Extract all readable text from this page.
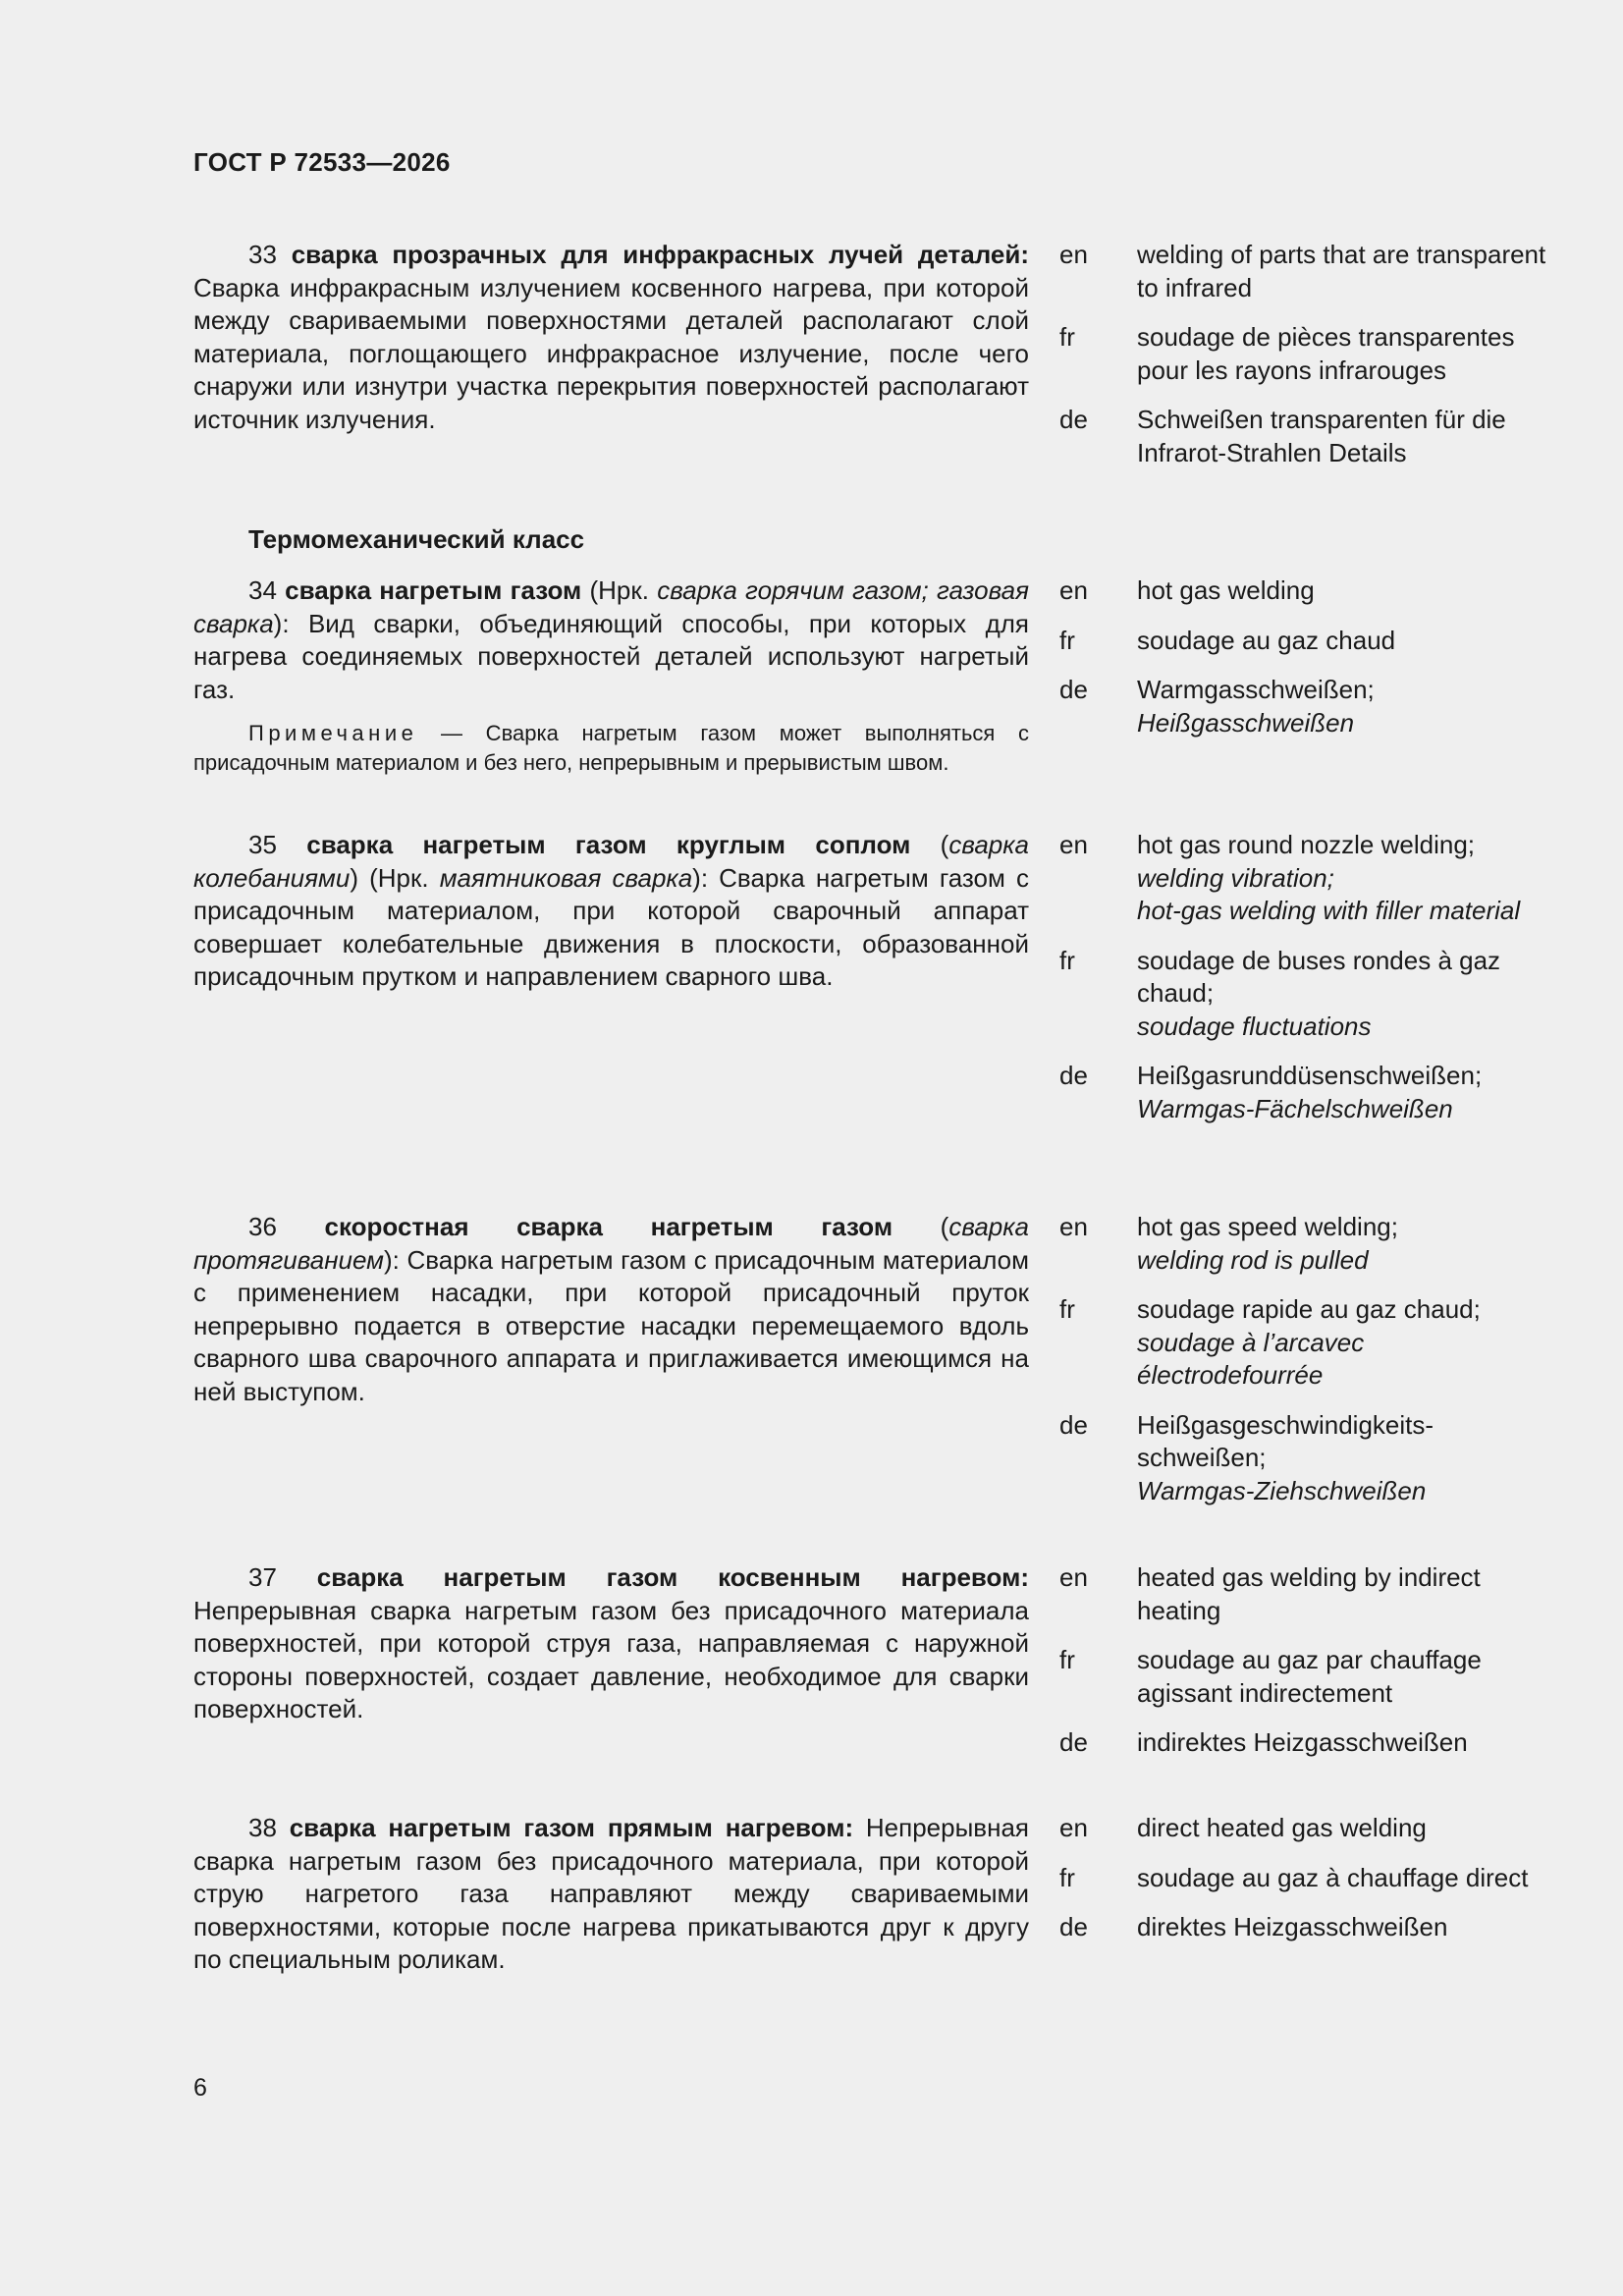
ГОСТ Р 72533—2026

33 сварка прозрачных для инфракрасных лучей деталей: Сварка инфракрасным излучением косвенного нагрева, при которой между свариваемыми поверхностями деталей располагают слой материала, поглощающего инфракрасное излучение, после чего снаружи или изнутри участка перекрытия поверхностей располагают источник излучения.

en	welding of parts that are transparent to infrared
fr	soudage de pièces transparentes pour les rayons infrarouges
de	Schweißen transparenten für die Infrarot-Strahlen Details
Термомеханический класс

34 сварка нагретым газом (Нрк. сварка горячим газом; газовая сварка): Вид сварки, объединяющий способы, при которых для нагрева соединяемых поверхностей деталей используют нагретый газ.

Примечание — Сварка нагретым газом может выполняться с присадочным материалом и без него, непрерывным и прерывистым швом.
en	hot gas welding
fr	soudage au gaz chaud
de	Warmgasschweißen;
Heißgasschweißen

35 сварка нагретым газом круглым соплом (сварка колебаниями) (Нрк. маятниковая сварка): Сварка нагретым газом с присадочным материалом, при которой сварочный аппарат совершает колебательные движения в плоскости, образованной присадочным прутком и направлением сварного шва.

en	hot gas round nozzle welding;
welding vibration;
hot-gas welding with filler material
fr	soudage de buses rondes à gaz chaud;
soudage fluctuations
de	Heißgasrunddüsenschweißen;
Warmgas-Fächelschweißen

36 скоростная сварка нагретым газом (сварка протягиванием): Сварка нагретым газом с присадочным материалом с применением насадки, при которой присадочный пруток непрерывно подается в отверстие насадки перемещаемого вдоль сварного шва сварочного аппарата и приглаживается имеющимся на ней выступом.

en	hot gas speed welding;
welding rod is pulled
fr	soudage rapide au gaz chaud;
soudage à l’arcavec électrodefourrée
de	Heißgasgeschwindigkeits-schweißen;
Warmgas-Ziehschweißen

37 сварка нагретым газом косвенным нагревом: Непрерывная сварка нагретым газом без присадочного материала поверхностей, при которой струя газа, направляемая с наружной стороны поверхностей, создает давление, необходимое для сварки поверхностей.

en	heated gas welding by indirect heating
fr	soudage au gaz par chauffage agissant indirectement
de	indirektes Heizgasschweißen

38 сварка нагретым газом прямым нагревом: Непрерывная сварка нагретым газом без присадочного материала, при которой струю нагретого газа направляют между свариваемыми поверхностями, которые после нагрева прикатываются друг к другу по специальным роликам.

en	direct heated gas welding
fr	soudage au gaz à chauffage direct
de	direktes Heizgasschweißen
6
